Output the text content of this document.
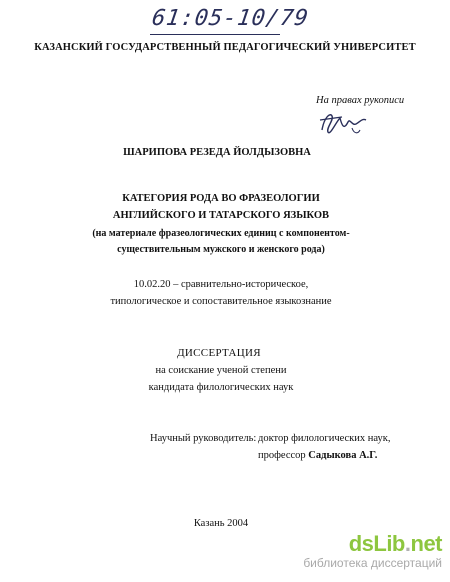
61:05-10/79
КАЗАНСКИЙ ГОСУДАРСТВЕННЫЙ ПЕДАГОГИЧЕСКИЙ УНИВЕРСИТЕТ
На правах рукописи
ШАРИПОВА РЕЗЕДА ЙОЛДЫЗОВНА
КАТЕГОРИЯ РОДА ВО ФРАЗЕОЛОГИИ
АНГЛИЙСКОГО И ТАТАРСКОГО ЯЗЫКОВ
(на материале фразеологических единиц с компонентом-
существительным мужского и женского рода)
10.02.20 – сравнительно-историческое,
типологическое и сопоставительное языкознание
ДИССЕРТАЦИЯ
на соискание ученой степени
кандидата филологических наук
Научный руководитель: доктор филологических наук,
профессор Садыкова А.Г.
Казань 2004
dsLib.net
библиотека диссертаций
